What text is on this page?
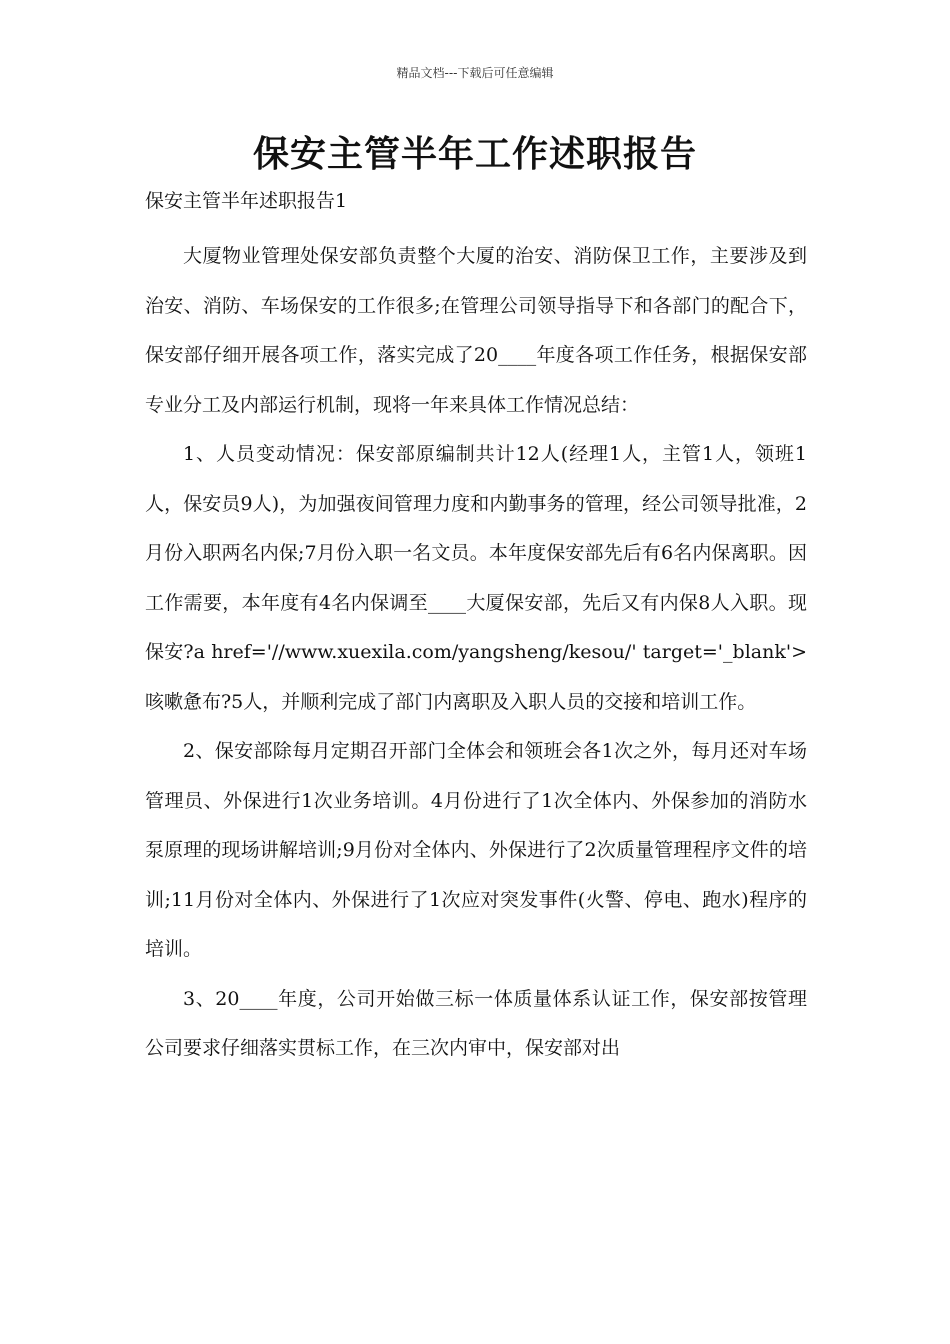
精品文档---下载后可任意编辑
保安主管半年工作述职报告
保安主管半年述职报告1

大厦物业管理处保安部负责整个大厦的治安、消防保卫工作，主要涉及到治安、消防、车场保安的工作很多;在管理公司领导指导下和各部门的配合下，保安部仔细开展各项工作，落实完成了20____年度各项工作任务，根据保安部专业分工及内部运行机制，现将一年来具体工作情况总结：

1、人员变动情况：保安部原编制共计12人(经理1人，主管1人，领班1人，保安员9人)，为加强夜间管理力度和内勤事务的管理，经公司领导批准，2月份入职两名内保;7月份入职一名文员。本年度保安部先后有6名内保离职。因工作需要，本年度有4名内保调至____大厦保安部，先后又有内保8人入职。现保安?a href='//www.xuexila.com/yangsheng/kesou/' target='_blank'>咳嗽惫布?5人，并顺利完成了部门内离职及入职人员的交接和培训工作。

2、保安部除每月定期召开部门全体会和领班会各1次之外，每月还对车场管理员、外保进行1次业务培训。4月份进行了1次全体内、外保参加的消防水泵原理的现场讲解培训;9月份对全体内、外保进行了2次质量管理程序文件的培训;11月份对全体内、外保进行了1次应对突发事件(火警、停电、跑水)程序的培训。

3、20____年度，公司开始做三标一体质量体系认证工作，保安部按管理公司要求仔细落实贯标工作，在三次内审中，保安部对出
